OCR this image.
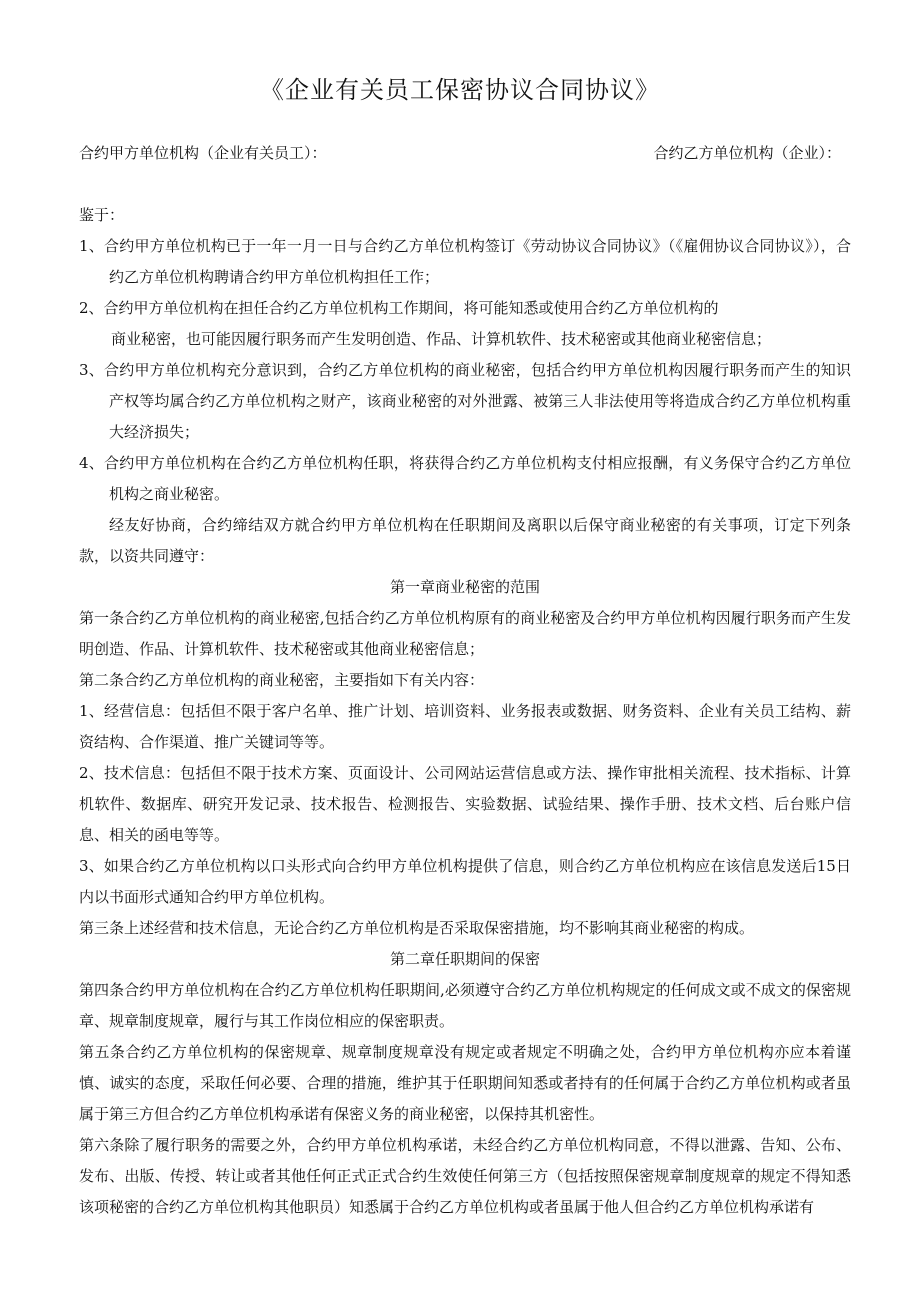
《企业有关员工保密协议合同协议》
合约甲方单位机构（企业有关员工）：	合约乙方单位机构（企业）：

鉴于：

1、合约甲方单位机构已于一年一月一日与合约乙方单位机构签订《劳动协议合同协议》（《雇佣协议合同协议》），合约乙方单位机构聘请合约甲方单位机构担任工作；

2、合约甲方单位机构在担任合约乙方单位机构工作期间，将可能知悉或使用合约乙方单位机构的

商业秘密，也可能因履行职务而产生发明创造、作品、计算机软件、技术秘密或其他商业秘密信息；

3、合约甲方单位机构充分意识到，合约乙方单位机构的商业秘密，包括合约甲方单位机构因履行职务而产生的知识产权等均属合约乙方单位机构之财产，该商业秘密的对外泄露、被第三人非法使用等将造成合约乙方单位机构重大经济损失；

4、合约甲方单位机构在合约乙方单位机构任职，将获得合约乙方单位机构支付相应报酬，有义务保守合约乙方单位机构之商业秘密。

经友好协商，合约缔结双方就合约甲方单位机构在任职期间及离职以后保守商业秘密的有关事项，订定下列条款，以资共同遵守：

第一章商业秘密的范围

第一条合约乙方单位机构的商业秘密,包括合约乙方单位机构原有的商业秘密及合约甲方单位机构因履行职务而产生发明创造、作品、计算机软件、技术秘密或其他商业秘密信息；

第二条合约乙方单位机构的商业秘密，主要指如下有关内容：

1、经营信息：包括但不限于客户名单、推广计划、培训资料、业务报表或数据、财务资料、企业有关员工结构、薪资结构、合作渠道、推广关键词等等。

2、技术信息：包括但不限于技术方案、页面设计、公司网站运营信息或方法、操作审批相关流程、技术指标、计算机软件、数据库、研究开发记录、技术报告、检测报告、实验数据、试验结果、操作手册、技术文档、后台账户信息、相关的函电等等。

3、如果合约乙方单位机构以口头形式向合约甲方单位机构提供了信息，则合约乙方单位机构应在该信息发送后15日内以书面形式通知合约甲方单位机构。

第三条上述经营和技术信息，无论合约乙方单位机构是否采取保密措施，均不影响其商业秘密的构成。

第二章任职期间的保密

第四条合约甲方单位机构在合约乙方单位机构任职期间,必须遵守合约乙方单位机构规定的任何成文或不成文的保密规章、规章制度规章，履行与其工作岗位相应的保密职责。

第五条合约乙方单位机构的保密规章、规章制度规章没有规定或者规定不明确之处，合约甲方单位机构亦应本着谨慎、诚实的态度，采取任何必要、合理的措施，维护其于任职期间知悉或者持有的任何属于合约乙方单位机构或者虽属于第三方但合约乙方单位机构承诺有保密义务的商业秘密，以保持其机密性。

第六条除了履行职务的需要之外，合约甲方单位机构承诺，未经合约乙方单位机构同意，不得以泄露、告知、公布、发布、出版、传授、转让或者其他任何正式正式合约生效使任何第三方（包括按照保密规章制度规章的规定不得知悉该项秘密的合约乙方单位机构其他职员）知悉属于合约乙方单位机构或者虽属于他人但合约乙方单位机构承诺有
